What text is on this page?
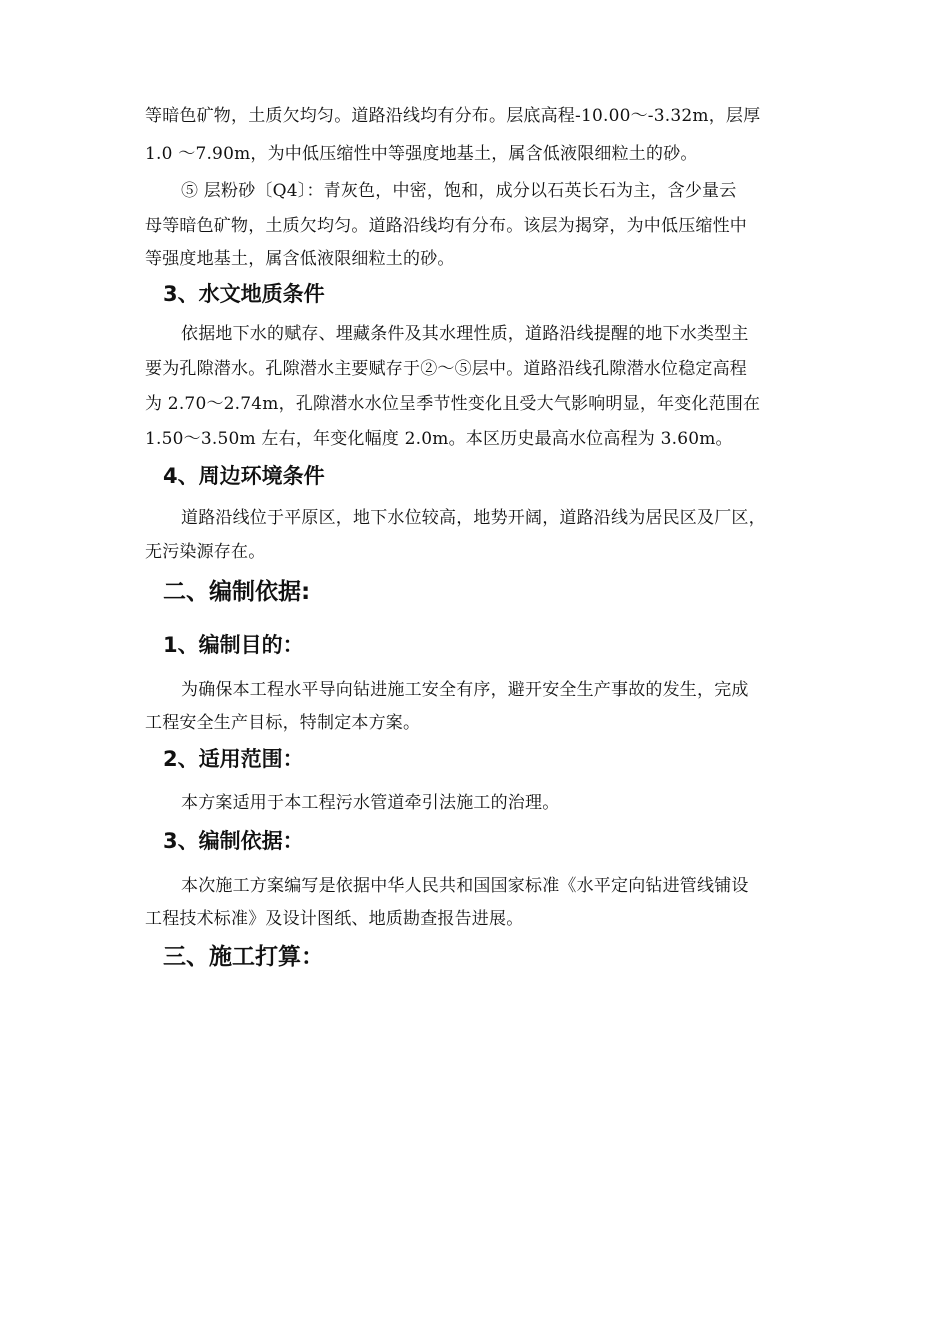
等暗色矿物，土质欠均匀。道路沿线均有分布。层底高程-10.00～-3.32m，层厚
1.0 ～7.90m，为中低压缩性中等强度地基土，属含低液限细粒土的砂。
⑤ 层粉砂〔Q4〕：青灰色，中密，饱和，成分以石英长石为主，含少量云
母等暗色矿物，土质欠均匀。道路沿线均有分布。该层为揭穿，为中低压缩性中
等强度地基土，属含低液限细粒土的砂。
3、水文地质条件
依据地下水的赋存、埋藏条件及其水理性质，道路沿线提醒的地下水类型主
要为孔隙潜水。孔隙潜水主要赋存于②～⑤层中。道路沿线孔隙潜水位稳定高程
为 2.70～2.74m，孔隙潜水水位呈季节性变化且受大气影响明显，年变化范围在
1.50～3.50m 左右，年变化幅度 2.0m。本区历史最高水位高程为 3.60m。
4、周边环境条件
道路沿线位于平原区，地下水位较高，地势开阔，道路沿线为居民区及厂区，
无污染源存在。
二、编制依据:
1、编制目的：
为确保本工程水平导向钻进施工安全有序，避开安全生产事故的发生，完成
工程安全生产目标，特制定本方案。
2、适用范围：
本方案适用于本工程污水管道牵引法施工的治理。
3、编制依据：
本次施工方案编写是依据中华人民共和国国家标准《水平定向钻进管线铺设
工程技术标准》及设计图纸、地质勘查报告进展。
三、施工打算：
